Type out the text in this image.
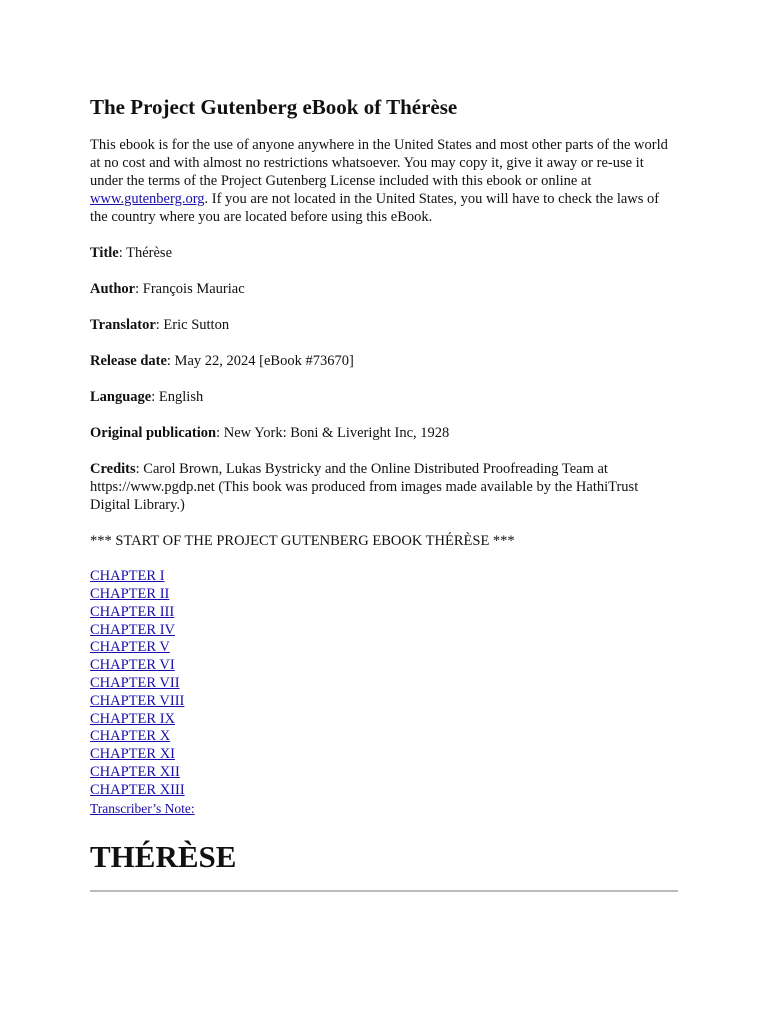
The Project Gutenberg eBook of Thérèse

This ebook is for the use of anyone anywhere in the United States and most other parts of the world at no cost and with almost no restrictions whatsoever. You may copy it, give it away or re-use it under the terms of the Project Gutenberg License included with this ebook or online at www.gutenberg.org. If you are not located in the United States, you will have to check the laws of the country where you are located before using this eBook.

Title: Thérèse

Author: François Mauriac

Translator: Eric Sutton

Release date: May 22, 2024 [eBook #73670]

Language: English

Original publication: New York: Boni & Liveright Inc, 1928

Credits: Carol Brown, Lukas Bystricky and the Online Distributed Proofreading Team at https://www.pgdp.net (This book was produced from images made available by the HathiTrust Digital Library.)

*** START OF THE PROJECT GUTENBERG EBOOK THÉRÈSE ***

CHAPTER I
CHAPTER II
CHAPTER III
CHAPTER IV
CHAPTER V
CHAPTER VI
CHAPTER VII
CHAPTER VIII
CHAPTER IX
CHAPTER X
CHAPTER XI
CHAPTER XII
CHAPTER XIII
Transcriber’s Note:
THÉRÈSE
